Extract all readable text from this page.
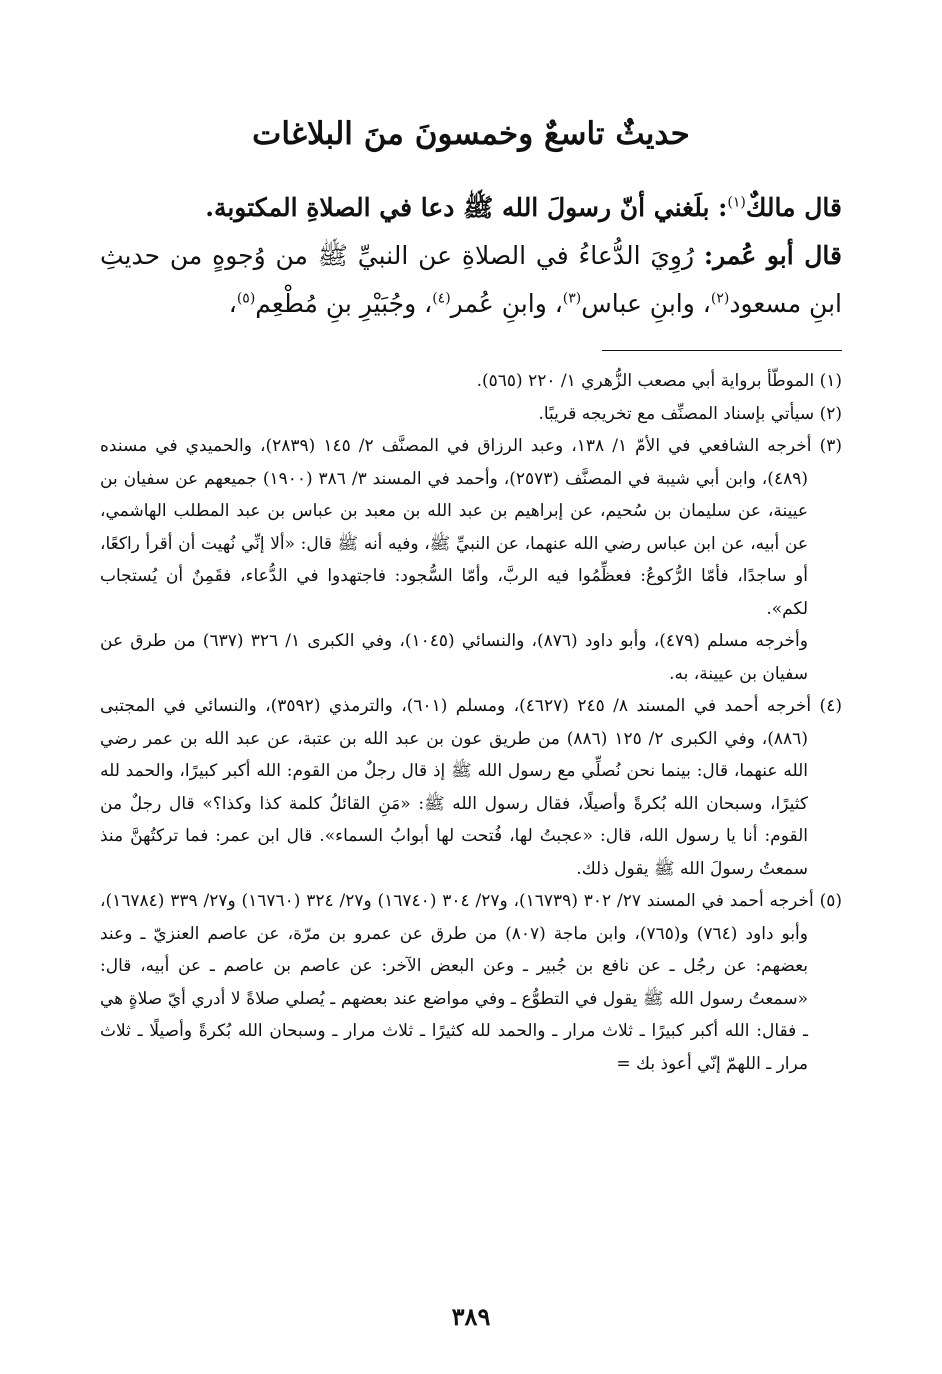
حديثٌ تاسعٌ وخمسونَ منَ البلاغات

قال مالكٌ$^{(١)}$: بلَغني أنّ رسولَ الله ﷺ دعا في الصلاةِ المكتوبة.

قال أبو عُمر: رُوِيَ الدُّعاءُ في الصلاةِ عن النبيِّ ﷺ من وُجوهٍ من حديثِ ابنِ مسعود$^{(٢)}$، وابنِ عباس$^{(٣)}$، وابنِ عُمر$^{(٤)}$، وجُبَيْرِ بنِ مُطْعِم$^{(٥)}$،

(١) الموطّأ برواية أبي مصعب الزُّهري ١/ ٢٢٠ (٥٦٥).

(٢) سيأتي بإسناد المصنِّف مع تخريجه قريبًا.

(٣) أخرجه الشافعي في الأمّ ١/ ١٣٨، وعبد الرزاق في المصنَّف ٢/ ١٤٥ (٢٨٣٩)، والحميدي في مسنده (٤٨٩)، وابن أبي شيبة في المصنَّف (٢٥٧٣)، وأحمد في المسند ٣/ ٣٨٦ (١٩٠٠) جميعهم عن سفيان بن عيينة، عن سليمان بن سُحيم، عن إبراهيم بن عبد الله بن معبد بن عباس بن عبد المطلب الهاشمي، عن أبيه، عن ابن عباس رضي الله عنهما، عن النبيِّ ﷺ، وفيه أنه ﷺ قال: «ألا إنِّي نُهيت أن أقرأ راكعًا، أو ساجدًا، فأمّا الرُّكوعُ: فعظِّمُوا فيه الربَّ، وأمّا السُّجود: فاجتهدوا في الدُّعاء، فقَمِنٌ أن يُستجاب لكم».

وأخرجه مسلم (٤٧٩)، وأبو داود (٨٧٦)، والنسائي (١٠٤٥)، وفي الكبرى ١/ ٣٢٦ (٦٣٧) من طرق عن سفيان بن عيينة، به.

(٤) أخرجه أحمد في المسند ٨/ ٢٤٥ (٤٦٢٧)، ومسلم (٦٠١)، والترمذي (٣٥٩٢)، والنسائي في المجتبى (٨٨٦)، وفي الكبرى ٢/ ١٢٥ (٨٨٦) من طريق عون بن عبد الله بن عتبة، عن عبد الله بن عمر رضي الله عنهما، قال: بينما نحن نُصلِّي مع رسول الله ﷺ إذ قال رجلٌ من القوم: الله أكبر كبيرًا، والحمد لله كثيرًا، وسبحان الله بُكرةً وأصيلًا، فقال رسول الله ﷺ: «مَنِ القائلُ كلمة كذا وكذا؟» قال رجلٌ من القوم: أنا يا رسول الله، قال: «عجبتُ لها، فُتحت لها أبوابُ السماء». قال ابن عمر: فما تركتُهنَّ منذ سمعتُ رسولَ الله ﷺ يقول ذلك.

(٥) أخرجه أحمد في المسند ٢٧/ ٣٠٢ (١٦٧٣٩)، و٢٧/ ٣٠٤ (١٦٧٤٠) و٢٧/ ٣٢٤ (١٦٧٦٠) و٢٧/ ٣٣٩ (١٦٧٨٤)، وأبو داود (٧٦٤) و(٧٦٥)، وابن ماجة (٨٠٧) من طرق عن عمرو بن مرّة، عن عاصم العنزيّ ـ وعند بعضهم: عن رجُل ـ عن نافع بن جُبير ـ وعن البعض الآخر: عن عاصم بن عاصم ـ عن أبيه، قال: «سمعتُ رسول الله ﷺ يقول في التطوُّع ـ وفي مواضع عند بعضهم ـ يُصلي صلاةً لا أدري أيّ صلاةٍ هي ـ فقال: الله أكبر كبيرًا ـ ثلاث مرار ـ والحمد لله كثيرًا ـ ثلاث مرار ـ وسبحان الله بُكرةً وأصيلًا ـ ثلاث مرار ـ اللهمّ إنّي أعوذ بك =

٣٨٩
